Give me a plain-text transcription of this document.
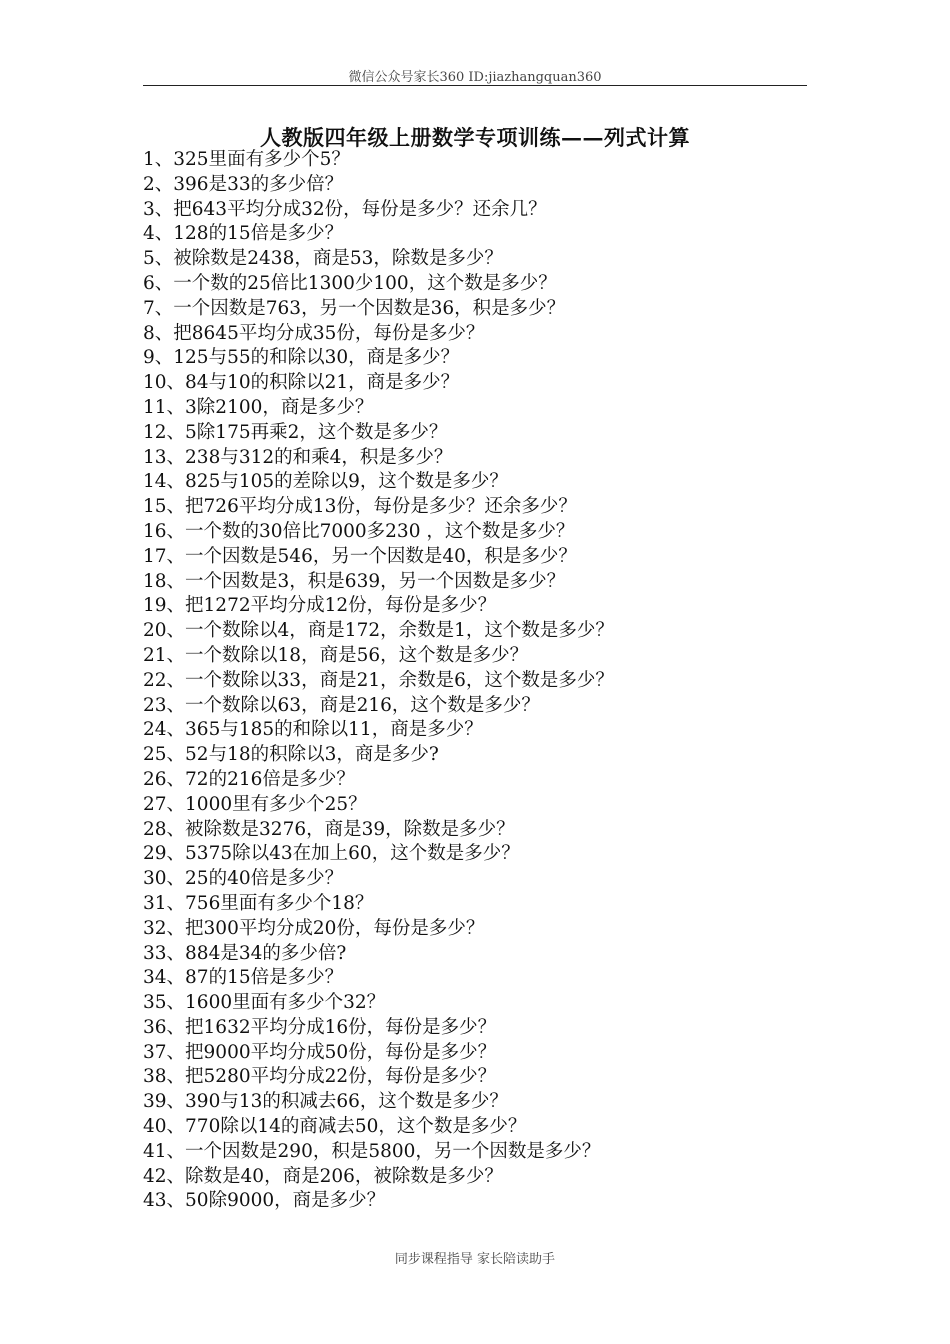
微信公众号家长360 ID:jiazhangquan360
人教版四年级上册数学专项训练——列式计算
1、325里面有多少个5？
2、396是33的多少倍？
3、把643平均分成32份，每份是多少？还余几？
4、128的15倍是多少？
5、被除数是2438，商是53，除数是多少？
6、一个数的25倍比1300少100，这个数是多少？
7、一个因数是763，另一个因数是36，积是多少？
8、把8645平均分成35份，每份是多少？
9、125与55的和除以30，商是多少？
10、84与10的积除以21，商是多少？
11、3除2100，商是多少？
12、5除175再乘2，这个数是多少？
13、238与312的和乘4，积是多少？
14、825与105的差除以9，这个数是多少？
15、把726平均分成13份，每份是多少？还余多少？
16、一个数的30倍比7000多230 ，这个数是多少？
17、一个因数是546，另一个因数是40，积是多少？
18、一个因数是3，积是639，另一个因数是多少？
19、把1272平均分成12份，每份是多少？
20、一个数除以4，商是172，余数是1，这个数是多少？
21、一个数除以18，商是56，这个数是多少？
22、一个数除以33，商是21，余数是6，这个数是多少？
23、一个数除以63，商是216，这个数是多少？
24、365与185的和除以11，商是多少？
25、52与18的积除以3，商是多少?
26、72的216倍是多少？
27、1000里有多少个25？
28、被除数是3276，商是39，除数是多少？
29、5375除以43在加上60，这个数是多少？
30、25的40倍是多少？
31、756里面有多少个18？
32、把300平均分成20份，每份是多少？
33、884是34的多少倍?
34、87的15倍是多少？
35、1600里面有多少个32？
36、把1632平均分成16份，每份是多少？
37、把9000平均分成50份，每份是多少？
38、把5280平均分成22份，每份是多少？
39、390与13的积减去66，这个数是多少？
40、770除以14的商减去50，这个数是多少？
41、一个因数是290，积是5800，另一个因数是多少？
42、除数是40，商是206，被除数是多少？
43、50除9000，商是多少？
同步课程指导 家长陪读助手
